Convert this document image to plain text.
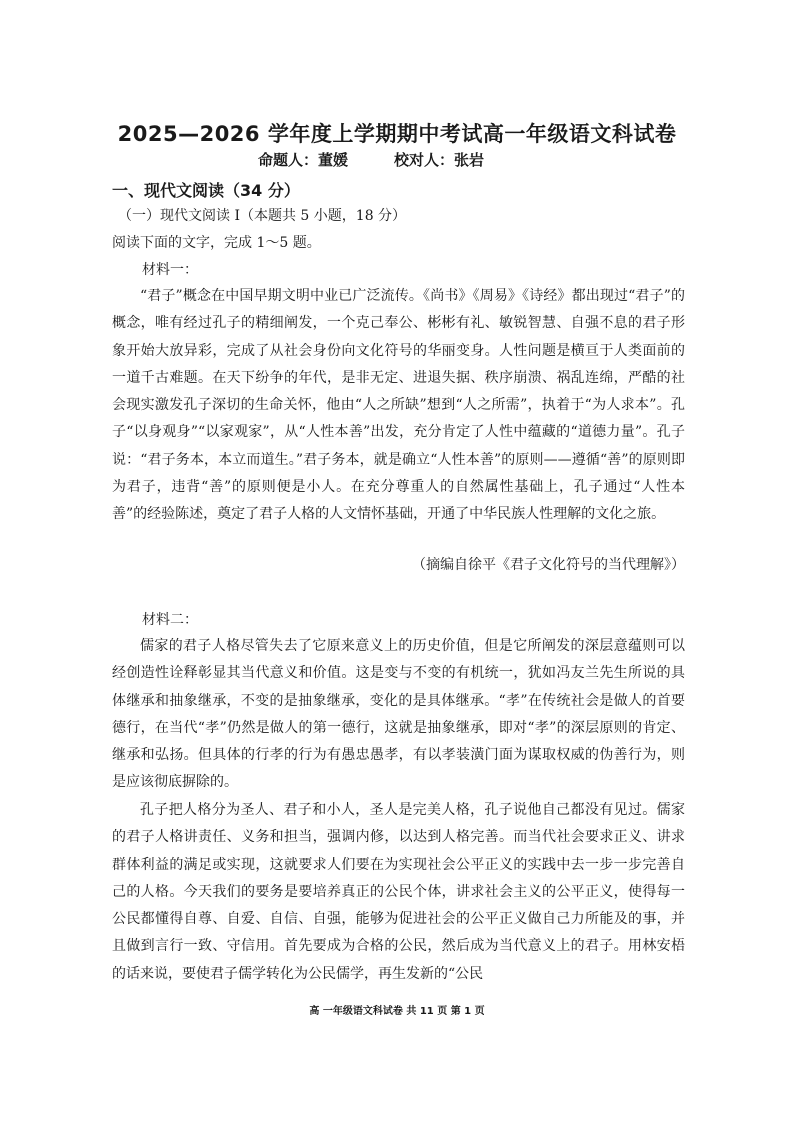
2025—2026 学年度上学期期中考试高一年级语文科试卷
命题人：董媛	校对人：张岩
一、现代文阅读（34 分）
（一）现代文阅读 I（本题共 5 小题，18 分）
阅读下面的文字，完成 1～5 题。
材料一：
“君子”概念在中国早期文明中业已广泛流传。《尚书》《周易》《诗经》都出现过“君子”的概念，唯有经过孔子的精细阐发，一个克己奉公、彬彬有礼、敏锐智慧、自强不息的君子形象开始大放异彩，完成了从社会身份向文化符号的华丽变身。人性问题是横亘于人类面前的一道千古难题。在天下纷争的年代，是非无定、进退失据、秩序崩溃、祸乱连绵，严酷的社会现实激发孔子深切的生命关怀，他由“人之所缺”想到“人之所需”，执着于“为人求本”。孔子“以身观身”“以家观家”，从“人性本善”出发，充分肯定了人性中蕴藏的“道德力量”。孔子说：“君子务本，本立而道生。”君子务本，就是确立“人性本善”的原则——遵循“善”的原则即为君子，违背“善”的原则便是小人。在充分尊重人的自然属性基础上，孔子通过“人性本善”的经验陈述，奠定了君子人格的人文情怀基础，开通了中华民族人性理解的文化之旅。
（摘编自徐平《君子文化符号的当代理解》）
材料二：
儒家的君子人格尽管失去了它原来意义上的历史价值，但是它所阐发的深层意蕴则可以经创造性诠释彰显其当代意义和价值。这是变与不变的有机统一，犹如冯友兰先生所说的具体继承和抽象继承，不变的是抽象继承，变化的是具体继承。“孝”在传统社会是做人的首要德行，在当代“孝”仍然是做人的第一德行，这就是抽象继承，即对“孝”的深层原则的肯定、继承和弘扬。但具体的行孝的行为有愚忠愚孝，有以孝装潢门面为谋取权威的伪善行为，则是应该彻底摒除的。
孔子把人格分为圣人、君子和小人，圣人是完美人格，孔子说他自己都没有见过。儒家的君子人格讲责任、义务和担当，强调内修，以达到人格完善。而当代社会要求正义、讲求群体利益的满足或实现，这就要求人们要在为实现社会公平正义的实践中去一步一步完善自己的人格。今天我们的要务是要培养真正的公民个体，讲求社会主义的公平正义，使得每一公民都懂得自尊、自爱、自信、自强，能够为促进社会的公平正义做自己力所能及的事，并且做到言行一致、守信用。首先要成为合格的公民，然后成为当代意义上的君子。用林安梧的话来说，要使君子儒学转化为公民儒学，再生发新的“公民
高 一年级语文科试卷 共 11 页 第 1 页
